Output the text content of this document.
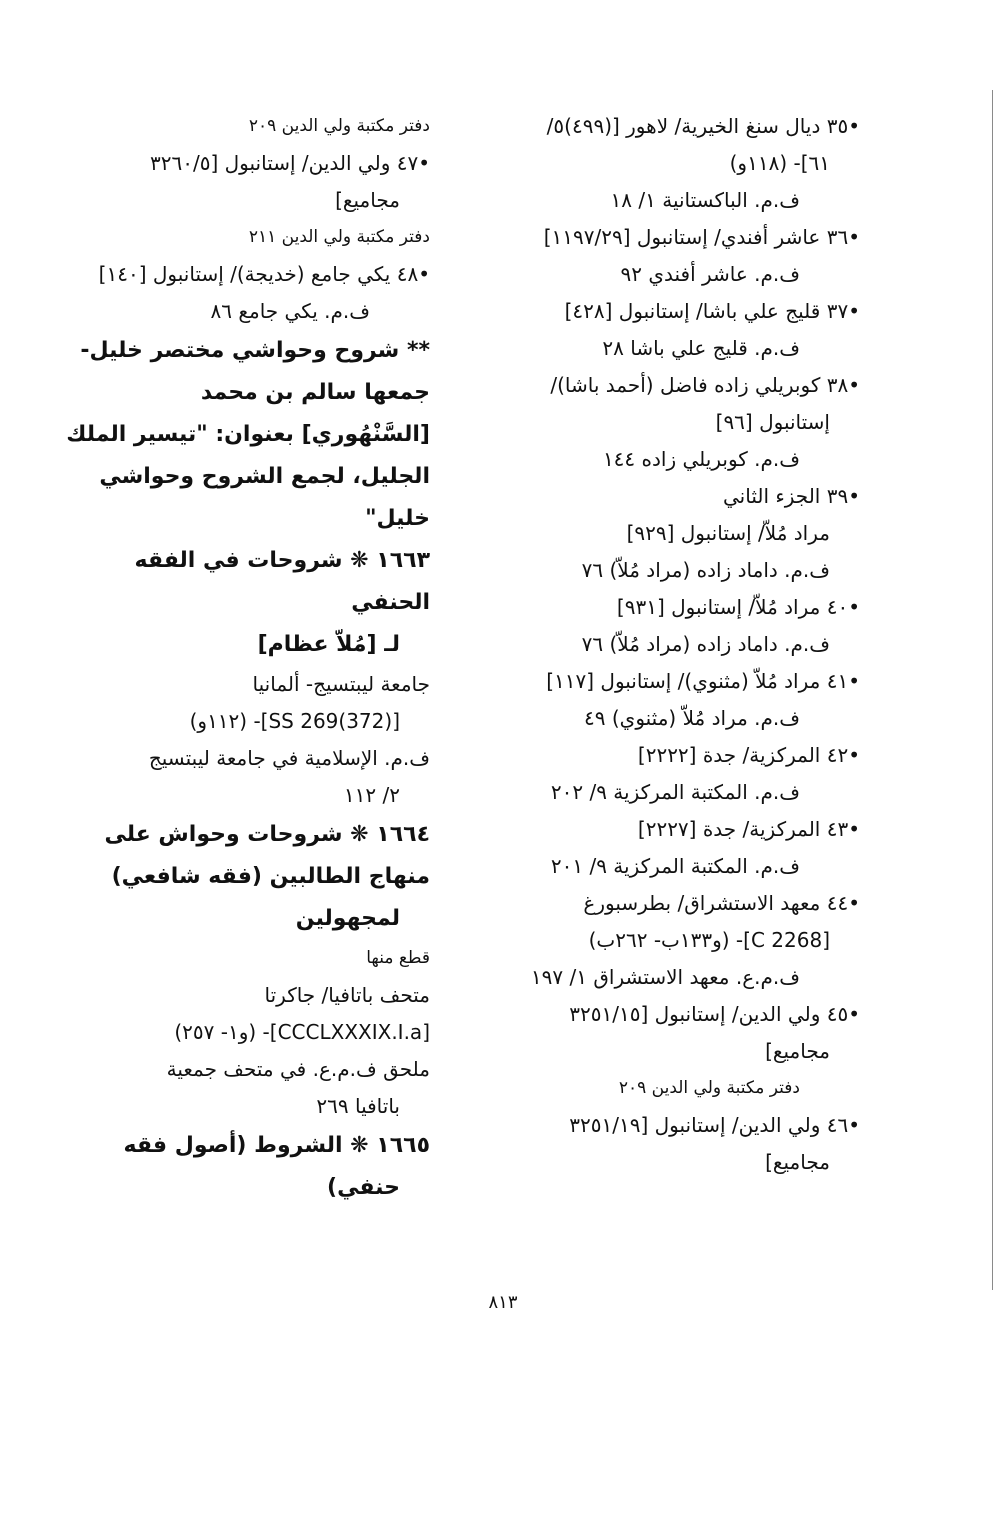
•٣٥ ديال سنغ الخيرية/ لاهور [(٤٩٩)٥/
٦١]- (١١٨و)
ف.م. الباكستانية ١/ ١٨
•٣٦ عاشر أفندي/ إستانبول [١١٩٧/٢٩]
ف.م. عاشر أفندي ٩٢
•٣٧ قليج علي باشا/ إستانبول [٤٢٨]
ف.م. قليج علي باشا ٢٨
•٣٨ كوبريلي زاده فاضل (أحمد باشا)/
إستانبول [٩٦]
ف.م. كوبريلي زاده ١٤٤
•٣٩ الجزء الثاني
مراد مُلاّ/ إستانبول [٩٢٩]
ف.م. داماد زاده (مراد مُلاّ) ٧٦
•٤٠ مراد مُلاّ/ إستانبول [٩٣١]
ف.م. داماد زاده (مراد مُلاّ) ٧٦
•٤١ مراد مُلاّ (مثنوي)/ إستانبول [١١٧]
ف.م. مراد مُلاّ (مثنوي) ٤٩
•٤٢ المركزية/ جدة [٢٢٢٢]
ف.م. المكتبة المركزية ٩/ ٢٠٢
•٤٣ المركزية/ جدة [٢٢٢٧]
ف.م. المكتبة المركزية ٩/ ٢٠١
•٤٤ معهد الاستشراق/ بطرسبورغ
[C 2268]- (و١٣٣ب- ٢٦٢ب)
ف.م.ع. معهد الاستشراق ١/ ١٩٧
•٤٥ ولي الدين/ إستانبول [٣٢٥١/١٥
مجاميع]
دفتر مكتبة ولي الدين ٢٠٩
•٤٦ ولي الدين/ إستانبول [٣٢٥١/١٩
مجاميع]
دفتر مكتبة ولي الدين ٢٠٩
•٤٧ ولي الدين/ إستانبول [٣٢٦٠/٥
مجاميع]
دفتر مكتبة ولي الدين ٢١١
•٤٨ يكي جامع (خديجة)/ إستانبول [١٤٠]
ف.م. يكي جامع ٨٦
** شروح وحواشي مختصر خليل-
جمعها سالم بن محمد
[السَّنْهُوري] بعنوان: "تيسير الملك
الجليل، لجمع الشروح وحواشي
خليل"
١٦٦٣ ❋ شروحات في الفقه
الحنفي
لـ [مُلاّ عظام]
جامعة ليبتسيج- ألمانيا
[SS 269(372)]- (١١٢و)
ف.م. الإسلامية في جامعة ليبتسيج
٢/ ١١٢
١٦٦٤ ❋ شروحات وحواش على
منهاج الطالبين (فقه شافعي)
لمجهولين
قطع منها
متحف باتافيا/ جاكرتا
[CCCLXXXIX.I.a]- (و١- ٢٥٧)
ملحق ف.م.ع. في متحف جمعية
باتافيا ٢٦٩
١٦٦٥ ❋ الشروط (أصول فقه
حنفي)
٨١٣
